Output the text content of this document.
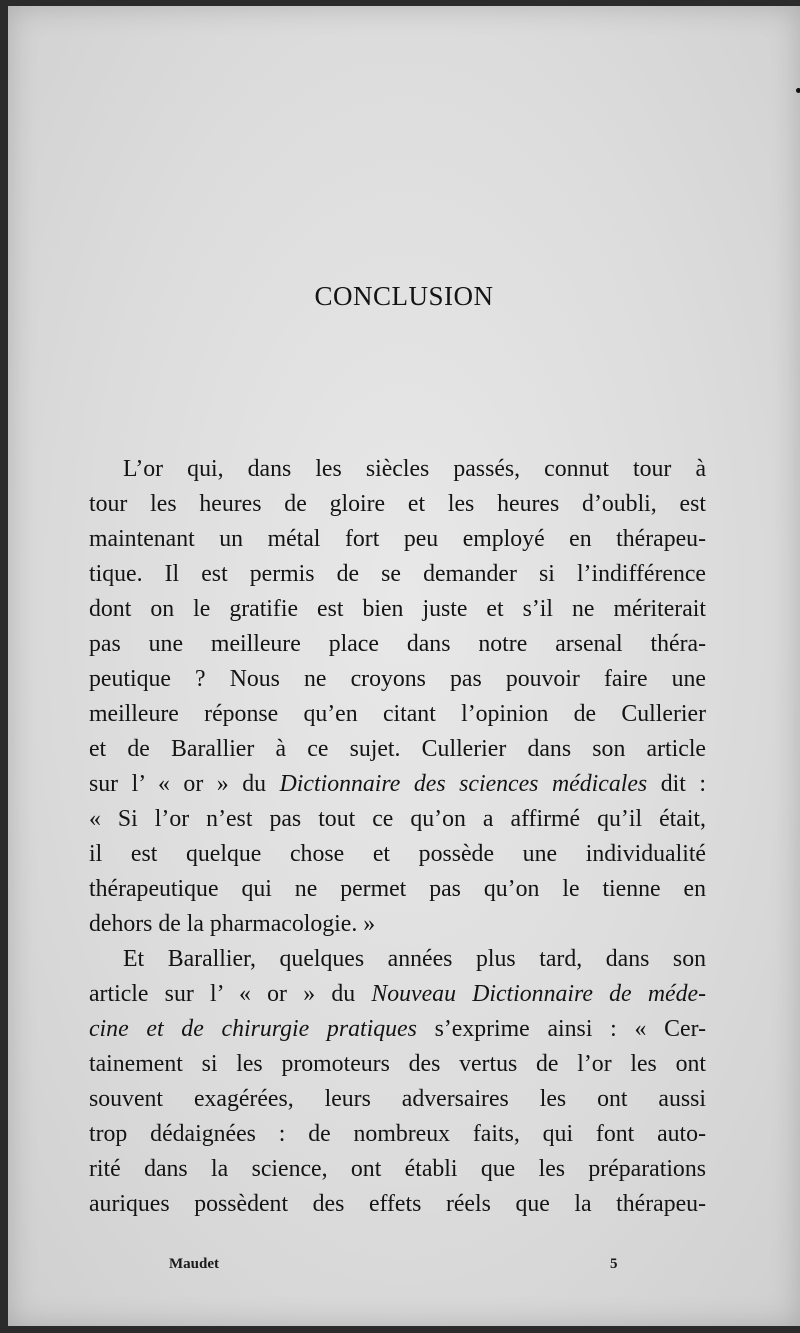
CONCLUSION
L’or qui, dans les siècles passés, connut tour à
tour les heures de gloire et les heures d’oubli, est
maintenant un métal fort peu employé en thérapeu-
tique. Il est permis de se demander si l’indifférence
dont on le gratifie est bien juste et s’il ne mériterait
pas une meilleure place dans notre arsenal théra-
peutique ? Nous ne croyons pas pouvoir faire une
meilleure réponse qu’en citant l’opinion de Cullerier
et de Barallier à ce sujet. Cullerier dans son article
sur l’ « or » du Dictionnaire des sciences médicales dit :
« Si l’or n’est pas tout ce qu’on a affirmé qu’il était,
il est quelque chose et possède une individualité
thérapeutique qui ne permet pas qu’on le tienne en
dehors de la pharmacologie. »
Et Barallier, quelques années plus tard, dans son
article sur l’ « or » du Nouveau Dictionnaire de méde-
cine et de chirurgie pratiques s’exprime ainsi : « Cer-
tainement si les promoteurs des vertus de l’or les ont
souvent exagérées, leurs adversaires les ont aussi
trop dédaignées : de nombreux faits, qui font auto-
rité dans la science, ont établi que les préparations
auriques possèdent des effets réels que la thérapeu-
Maudet	5
